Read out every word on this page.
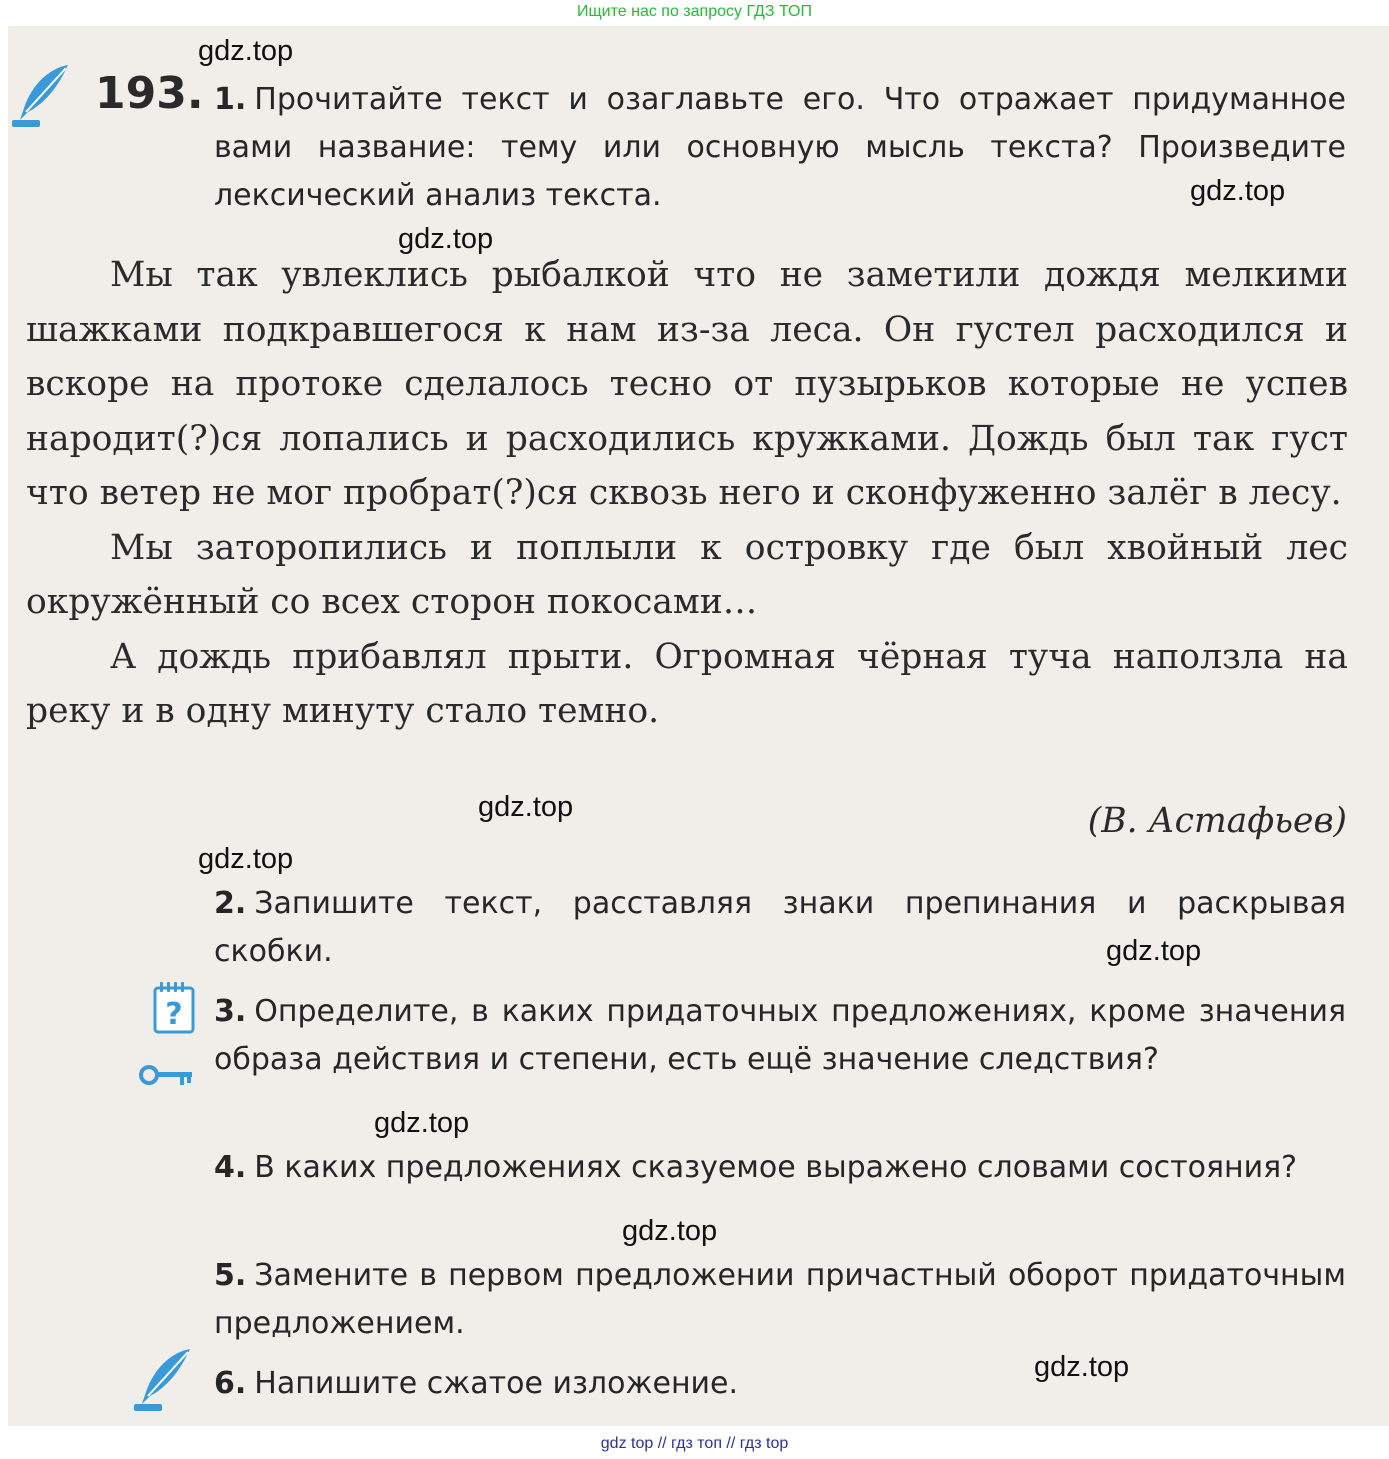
Ищите нас по запросу ГДЗ ТОП
193. 1. Прочитайте текст и озаглавьте его. Что отражает придуманное вами название: тему или основную мысль текста? Произведите лексический анализ текста.

Мы так увлеклись рыбалкой что не заметили дождя мелкими шажками подкравшегося к нам из-за леса. Он густел расходился и вскоре на протоке сделалось тесно от пузырьков которые не успев народит(?)ся лопались и расходились кружками. Дождь был так густ что ветер не мог пробрат(?)ся сквозь него и сконфуженно залёг в лесу.

Мы заторопились и поплыли к островку где был хвойный лес окружённый со всех сторон покосами…

А дождь прибавлял прыти. Огромная чёрная туча наползла на реку и в одну минуту стало темно.

(В. Астафьев)
2. Запишите текст, расставляя знаки препинания и раскрывая скобки.
? 3. Определите, в каких придаточных предложениях, кроме значения образа действия и степени, есть ещё значение следствия?
4. В каких предложениях сказуемое выражено словами состояния?
5. Замените в первом предложении причастный оборот придаточным предложением.
6. Напишите сжатое изложение.
gdz.top
gdz.top
gdz.top
gdz.top
gdz.top
gdz.top
gdz.top
gdz.top
gdz.top
gdz top // гдз топ // гдз top
